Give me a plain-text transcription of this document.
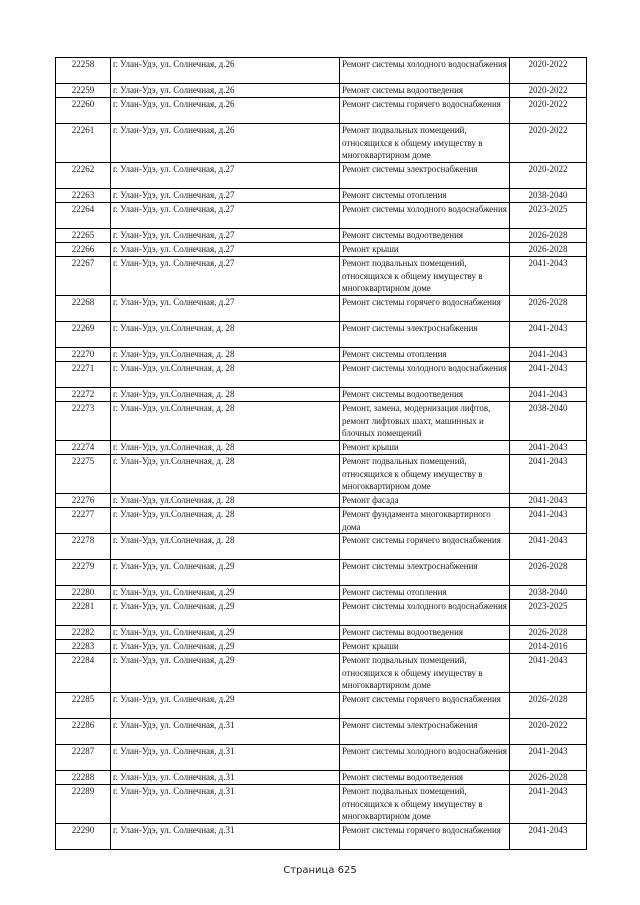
22258	г. Улан-Удэ, ул. Солнечная, д.26	Ремонт системы холодного водоснабжения	2020-2022
22259	г. Улан-Удэ, ул. Солнечная, д.26	Ремонт системы водоотведения	2020-2022
22260	г. Улан-Удэ, ул. Солнечная, д.26	Ремонт системы горячего водоснабжения	2020-2022
22261	г. Улан-Удэ, ул. Солнечная, д.26	Ремонт подвальных помещений, относящихся к общему имуществу в многоквартирном доме	2020-2022
22262	г. Улан-Удэ, ул. Солнечная, д.27	Ремонт системы электроснабжения	2020-2022
22263	г. Улан-Удэ, ул. Солнечная, д.27	Ремонт системы отопления	2038-2040
22264	г. Улан-Удэ, ул. Солнечная, д.27	Ремонт системы холодного водоснабжения	2023-2025
22265	г. Улан-Удэ, ул. Солнечная, д.27	Ремонт системы водоотведения	2026-2028
22266	г. Улан-Удэ, ул. Солнечная, д.27	Ремонт крыши	2026-2028
22267	г. Улан-Удэ, ул. Солнечная, д.27	Ремонт подвальных помещений, относящихся к общему имуществу в многоквартирном доме	2041-2043
22268	г. Улан-Удэ, ул. Солнечная, д.27	Ремонт системы горячего водоснабжения	2026-2028
22269	г. Улан-Удэ, ул.Солнечная, д. 28	Ремонт системы электроснабжения	2041-2043
22270	г. Улан-Удэ, ул.Солнечная, д. 28	Ремонт системы отопления	2041-2043
22271	г. Улан-Удэ, ул.Солнечная, д. 28	Ремонт системы холодного водоснабжения	2041-2043
22272	г. Улан-Удэ, ул.Солнечная, д. 28	Ремонт системы водоотведения	2041-2043
22273	г. Улан-Удэ, ул.Солнечная, д. 28	Ремонт, замена, модернизация лифтов, ремонт лифтовых шахт, машинных и блочных помещений	2038-2040
22274	г. Улан-Удэ, ул.Солнечная, д. 28	Ремонт крыши	2041-2043
22275	г. Улан-Удэ, ул.Солнечная, д. 28	Ремонт подвальных помещений, относящихся к общему имуществу в многоквартирном доме	2041-2043
22276	г. Улан-Удэ, ул.Солнечная, д. 28	Ремонт фасада	2041-2043
22277	г. Улан-Удэ, ул.Солнечная, д. 28	Ремонт фундамента многоквартирного дома	2041-2043
22278	г. Улан-Удэ, ул.Солнечная, д. 28	Ремонт системы горячего водоснабжения	2041-2043
22279	г. Улан-Удэ, ул. Солнечная, д.29	Ремонт системы электроснабжения	2026-2028
22280	г. Улан-Удэ, ул. Солнечная, д.29	Ремонт системы отопления	2038-2040
22281	г. Улан-Удэ, ул. Солнечная, д.29	Ремонт системы холодного водоснабжения	2023-2025
22282	г. Улан-Удэ, ул. Солнечная, д.29	Ремонт системы водоотведения	2026-2028
22283	г. Улан-Удэ, ул. Солнечная, д.29	Ремонт крыши	2014-2016
22284	г. Улан-Удэ, ул. Солнечная, д.29	Ремонт подвальных помещений, относящихся к общему имуществу в многоквартирном доме	2041-2043
22285	г. Улан-Удэ, ул. Солнечная, д.29	Ремонт системы горячего водоснабжения	2026-2028
22286	г. Улан-Удэ, ул. Солнечная, д.31	Ремонт системы электроснабжения	2020-2022
22287	г. Улан-Удэ, ул. Солнечная, д.31	Ремонт системы холодного водоснабжения	2041-2043
22288	г. Улан-Удэ, ул. Солнечная, д.31	Ремонт системы водоотведения	2026-2028
22289	г. Улан-Удэ, ул. Солнечная, д.31	Ремонт подвальных помещений, относящихся к общему имуществу в многоквартирном доме	2041-2043
22290	г. Улан-Удэ, ул. Солнечная, д.31	Ремонт системы горячего водоснабжения	2041-2043
Страница 625
